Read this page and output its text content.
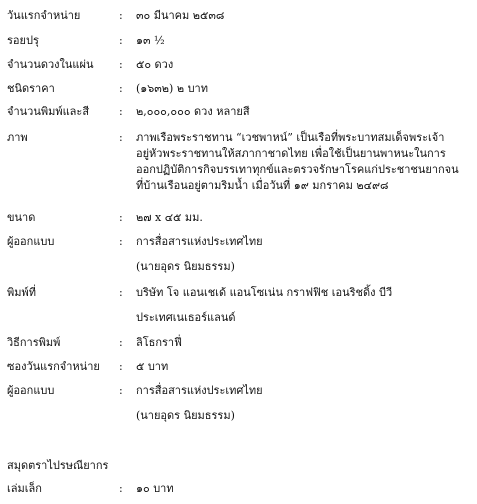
วันแรกจำหน่าย	: ๓๐ มีนาคม ๒๕๓๘
รอยปรุ	: ๑๓ ½
จำนวนดวงในแผ่น : ๕๐ ดวง
ชนิดราคา	: (๑๖๓๒) ๒ บาท
จำนวนพิมพ์และสี	: ๒,๐๐๐,๐๐๐ ดวง หลายสี
ภาพ	: ภาพเรือพระราชทาน “เวชพาหน์” เป็นเรือที่พระบาทสมเด็จพระเจ้า
อยู่หัวพระราชทานให้สภากาชาดไทย เพื่อใช้เป็นยานพาหนะในการ
ออกปฏิบัติการกิจบรรเทาทุกข์และตรวจรักษาโรคแก่ประชาชนยากจน
ที่บ้านเรือนอยู่ตามริมน้ำ เมื่อวันที่ ๑๙ มกราคม ๒๔๙๘
ขนาด	: ๒๗ x ๔๕ มม.
ผู้ออกแบบ	: การสื่อสารแห่งประเทศไทย
(นายอุดร นิยมธรรม)
พิมพ์ที่	: บริษัท โจ แอนเชเด้ แอนโซเน่น กราฟฟิช เอนริชดิ้ง บีวี
ประเทศเนเธอร์แลนด์
วิธีการพิมพ์	: ลิโธกราฟี่
ซองวันแรกจำหน่าย : ๕ บาท
ผู้ออกแบบ	: การสื่อสารแห่งประเทศไทย
(นายอุดร นิยมธรรม)
สมุดตราไปรษณียากร
เล่มเล็ก	: ๑๐ บาท
